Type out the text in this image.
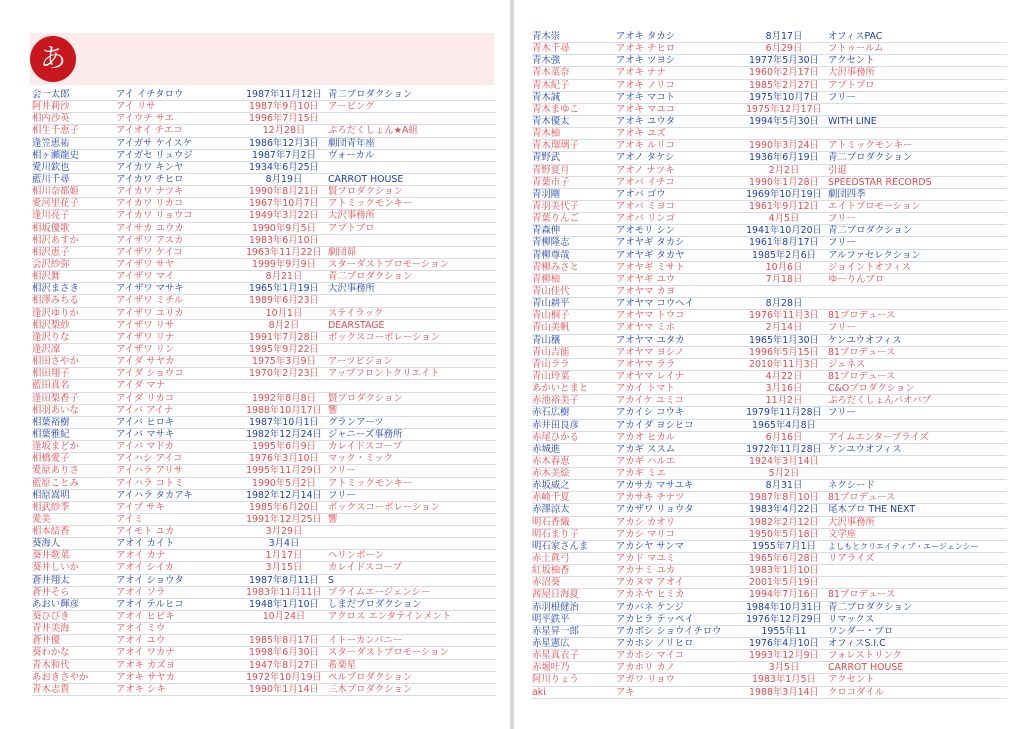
あ
会一太郎	アイ イチタロウ	1987年11月12日 青二プロダクション
阿井莉沙	アイ リサ	1987年9月10日 アーピング
相内沙英	アイウチ サエ	1996年7月15日
相生千恵子	アイオイ チエコ	12月28日	ぷろだくしょん★A組
逢笠恵祐	アイガサ ケイスケ	1986年12月3日 劇団青年座
相ヶ瀬龍史	アイガセ リュウジ	1987年7月2日	ヴォーカル
愛川欽也	アイカワ キンヤ	1934年6月25日
藍川千尋	アイカワ チヒロ	8月19日	CARROT HOUSE
相川奈都姫	アイカワ ナツキ	1990年8月21日 賢プロダクション
愛河里花子	アイカワ リカコ	1967年10月7日 アトミックモンキー
逢川亮子	アイカワ リョウコ	1949年3月22日 大沢事務所
相坂優歌	アイサカ ユウカ	1990年9月5日	アプトプロ
相沢あすか	アイザワ アスカ	1983年6月10日
相沢恵子	アイザワ ケイコ	1963年11月22日 劇団昴
会沢紗弥	アイザワ サヤ	1999年9月9日	スターダストプロモーション
相沢舞	アイザワ マイ	8月21日	青二プロダクション
相沢まさき	アイザワ マサキ	1965年1月19日 大沢事務所
相澤みちる	アイザワ ミチル	1989年6月23日
逢沢ゆりか	アイザワ ユリカ	10月1日	ステイラック
相沢梨紗	アイザワ リサ	8月2日	DEARSTAGE
逢沢りな	アイザワ リナ	1991年7月28日 ボックスコーポレーション
逢沢凜	アイザワ リン	1995年9月22日
相田さやか	アイダ サヤカ	1975年3月9日	アーツビジョン
相田翔子	アイダ ショウコ	1970年2月23日 アップフロントクリエイト
藍田真名	アイダ マナ
逢田梨香子	アイダ リカコ	1992年8月8日	賢プロダクション
相羽あいな	アイバ アイナ	1988年10月17日 響
相葉裕樹	アイバ ヒロキ	1987年10月1日 グランアーツ
相葉雅紀	アイバ マサキ	1982年12月24日 ジャニーズ事務所
逢坂まどか	アイバ マドカ	1995年6月9日	カレイドスコープ
相橋愛子	アイハシ アイコ	1976年3月10日 マック・ミック
愛原ありさ	アイハラ アリサ	1995年11月29日 フリー
藍原ことみ	アイハラ コトミ	1990年5月2日	アトミックモンキー
相原嵩明	アイハラ タカアキ	1982年12月14日 フリー
相武紗季	アイブ サキ	1985年6月20日 ボックスコーポレーション
愛美	アイミ	1991年12月25日 響
相本結香	アイモト ユカ	3月29日
葵海人	アオイ カイト	3月4日
葵井歌菜	アオイ カナ	1月17日	ヘリンボーン
葵井しいか	アオイ シイカ	3月15日	カレイドスコープ
蒼井翔太	アオイ ショウタ	1987年8月11日 S
蒼井そら	アオイ ソラ	1983年11月11日 プライムエージェンシー
あおい輝彦	アオイ テルヒコ	1948年1月10日 しまだプロダクション
葵ひびき	アオイ ヒビキ	10月24日	アクロス エンタテインメント
青井美海	アオイ ミウ
蒼井優	アオイ ユウ	1985年8月17日 イトーカンパニー
葵わかな	アオイ ワカナ	1998年6月30日 スターダストプロモーション
青木和代	アオキ カズヨ	1947年8月27日 希楽星
あおきさやか	アオキ サヤカ	1972年10月19日 ペルプロダクション
青木志貴	アオキ シキ	1990年1月14日 三木プロダクション
青木崇	アオキ タカシ	8月17日	オフィスPAC
青木千尋	アオキ チヒロ	6月29日	フトゥールム
青木強	アオキ ツヨシ	1977年5月30日 アクセント
青木菜奈	アオキ ナナ	1960年2月17日 大沢事務所
青木紀子	アオキ ノリコ	1985年2月27日 アプトプロ
青木誠	アオキ マコト	1975年10月7日 フリー
青木まゆこ	アオキ マユコ	1975年12月17日
青木優太	アオキ ユウタ	1994年5月30日 WITH LINE
青木柚	アオキ ユズ
青木瑠璃子	アオキ ルリコ	1990年3月24日 アトミックモンキー
青野武	アオノ タケシ	1936年6月19日 青二プロダクション
青野夏月	アオノ ナツキ	2月2日	引退
青葉市子	アオバ イチコ	1990年1月28日 SPEEDSTAR RECORDS
青羽剛	アオバ ゴウ	1969年10月19日 劇団四季
青羽美代子	アオバ ミヨコ	1961年9月12日 エイトプロモーション
青葉りんご	アオバ リンゴ	4月5日	フリー
青森伸	アオモリ シン	1941年10月20日 青二プロダクション
青柳隆志	アオヤギ タカシ	1961年8月17日 フリー
青柳尊哉	アオヤギ タカヤ	1985年2月6日	アルファセレクション
青柳みさと	アオヤギ ミサト	10月6日	ジョイントオフィス
青柳柚	アオヤギ ユウ	7月18日	ゆーりんプロ
青山佳代	アオヤマ カヨ
青山耕平	アオヤマ コウヘイ	8月28日
青山桐子	アオヤマ トウコ	1976年11月3日 81プロデュース
青山美帆	アオヤマ ミホ	2月14日	フリー
青山穣	アオヤマ ユタカ	1965年1月30日 ケンユウオフィス
青山吉能	アオヤマ ヨシノ	1996年5月15日 81プロデュース
青山ララ	アオヤマ ララ	2010年11月3日 ジェネス
青山玲菜	アオヤマ レイナ	4月22日	81プロデュース
あかいとまと	アカイ トマト	3月16日	C&Oプロダクション
赤池裕美子	アカイケ ユミコ	11月2日	ぷろだくしょんバオバブ
赤石広樹	アカイシ コウキ	1979年11月28日 フリー
赤井田良彦	アカイダ ヨシヒコ	1965年4月8日
赤尾ひかる	アカオ ヒカル	6月16日	アイムエンタープライズ
赤城進	アカギ ススム	1972年11月28日 ケンユウオフィス
赤木春恵	アカギ ハルエ	1924年3月14日
赤木美絵	アカギ ミエ	5月2日
赤坂威之	アカサカ マサユキ	8月31日	ネクシード
赤崎千夏	アカサキ チナツ	1987年8月10日 81プロデュース
赤澤涼太	アカザワ リョウタ	1983年4月22日 尾木プロ THE NEXT
明石香織	アカシ カオリ	1982年2月12日 大沢事務所
明石まり子	アカシ マリコ	1950年5月18日 文学座
明石家さんま	アカシヤ サンマ	1955年7月1日	よしもとクリエイティブ・エージェンシー
赤土眞弓	アカド マユミ	1965年6月28日 リアライズ
紅坂柚香	アカナミ ユカ	1983年1月10日
赤沼葵	アカヌマ アオイ	2001年5月19日
茜屋日海夏	アカネヤ ヒミカ	1994年7月16日 81プロデュース
赤羽根健治	アカバネ ケンジ	1984年10月31日 青二プロダクション
明平鉄平	アカヒラ テッペイ	1976年12月29日 リマックス
赤星昇一郎	アカボシ ショウイチロウ	1955年11	ワンダー・プロ
赤星憲広	アカホシ ノリヒロ	1976年4月10日 オフィスS.I.C
赤星真衣子	アカホシ マイコ	1993年12月9日 フォレストリンク
赤堀叶乃	アカホリ カノ	3月5日	CARROT HOUSE
阿川りょう	アガワ リョウ	1983年1月5日	アクセント
aki	アキ	1988年3月14日 クロコダイル
